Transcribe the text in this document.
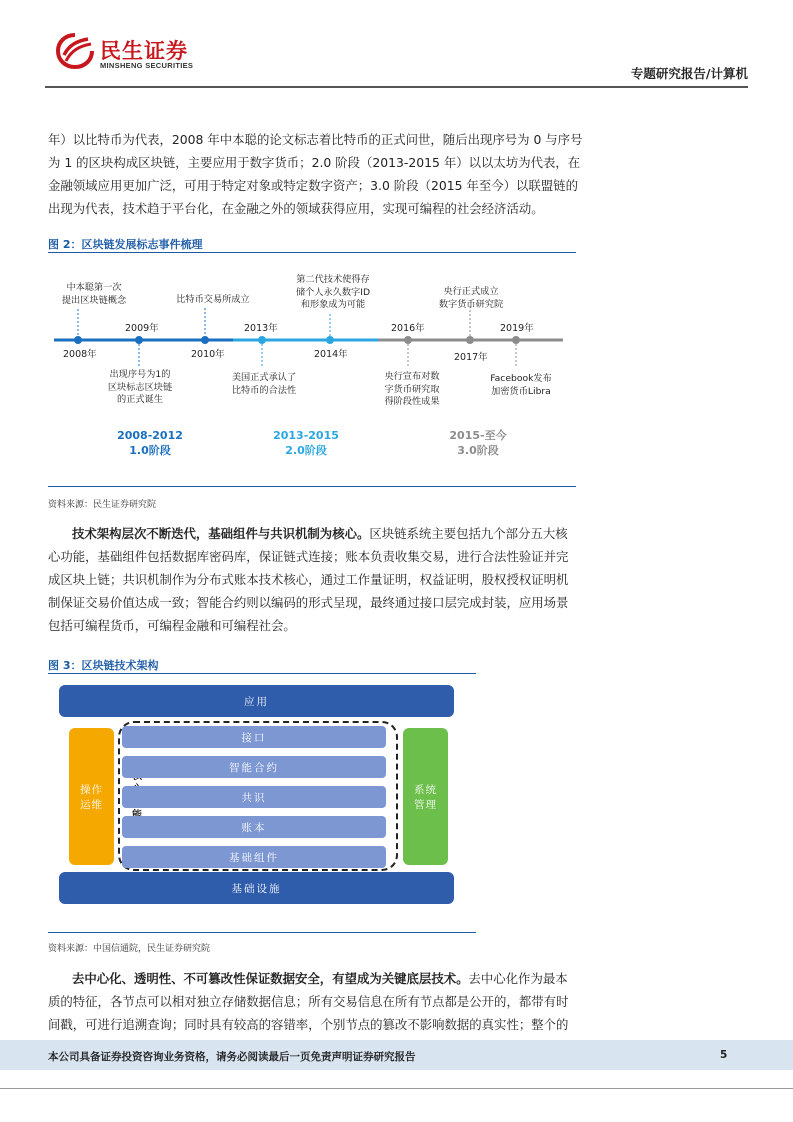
民生证券
MINSHENG SECURITIES
专题研究报告/计算机
年）以比特币为代表，2008 年中本聪的论文标志着比特币的正式问世，随后出现序号为 0 与序号
为 1 的区块构成区块链，主要应用于数字货币；2.0 阶段（2013-2015 年）以以太坊为代表，在
金融领域应用更加广泛，可用于特定对象或特定数字资产；3.0 阶段（2015 年至今）以联盟链的
出现为代表，技术趋于平台化，在金融之外的领域获得应用，实现可编程的社会经济活动。
图 2：区块链发展标志事件梳理
2008年
2009年
2010年
2013年
2014年
2016年
2017年
2019年
中本聪第一次
提出区块链概念
出现序号为1的
区块标志区块链
的正式诞生
比特币交易所成立
美国正式承认了
比特币的合法性
第二代技术使得存
储个人永久数字ID
和形象成为可能
央行宣布对数
字货币研究取
得阶段性成果
央行正式成立
数字货币研究院
Facebook发布
加密货币Libra
2008-2012
1.0阶段
2013-2015
2.0阶段
2015-至今
3.0阶段
资料来源：民生证券研究院
技术架构层次不断迭代，基础组件与共识机制为核心。区块链系统主要包括九个部分五大核
心功能，基础组件包括数据库密码库，保证链式连接；账本负责收集交易，进行合法性验证并完
成区块上链；共识机制作为分布式账本技术核心，通过工作量证明，权益证明，股权授权证明机
制保证交易价值达成一致；智能合约则以编码的形式呈现，最终通过接口层完成封装，应用场景
包括可编程货币，可编程金融和可编程社会。
图 3：区块链技术架构
应用
基础设施
操作
运维
系统
管理
接口
智能合约
共识
账本
基础组件
资料来源：中国信通院，民生证券研究院
去中心化、透明性、不可篡改性保证数据安全，有望成为关键底层技术。去中心化作为最本
质的特征，各节点可以相对独立存储数据信息；所有交易信息在所有节点都是公开的，都带有时
间戳，可进行追溯查询；同时具有较高的容错率，个别节点的篡改不影响数据的真实性；整个的
本公司具备证券投资咨询业务资格，请务必阅读最后一页免责声明证券研究报告	5
